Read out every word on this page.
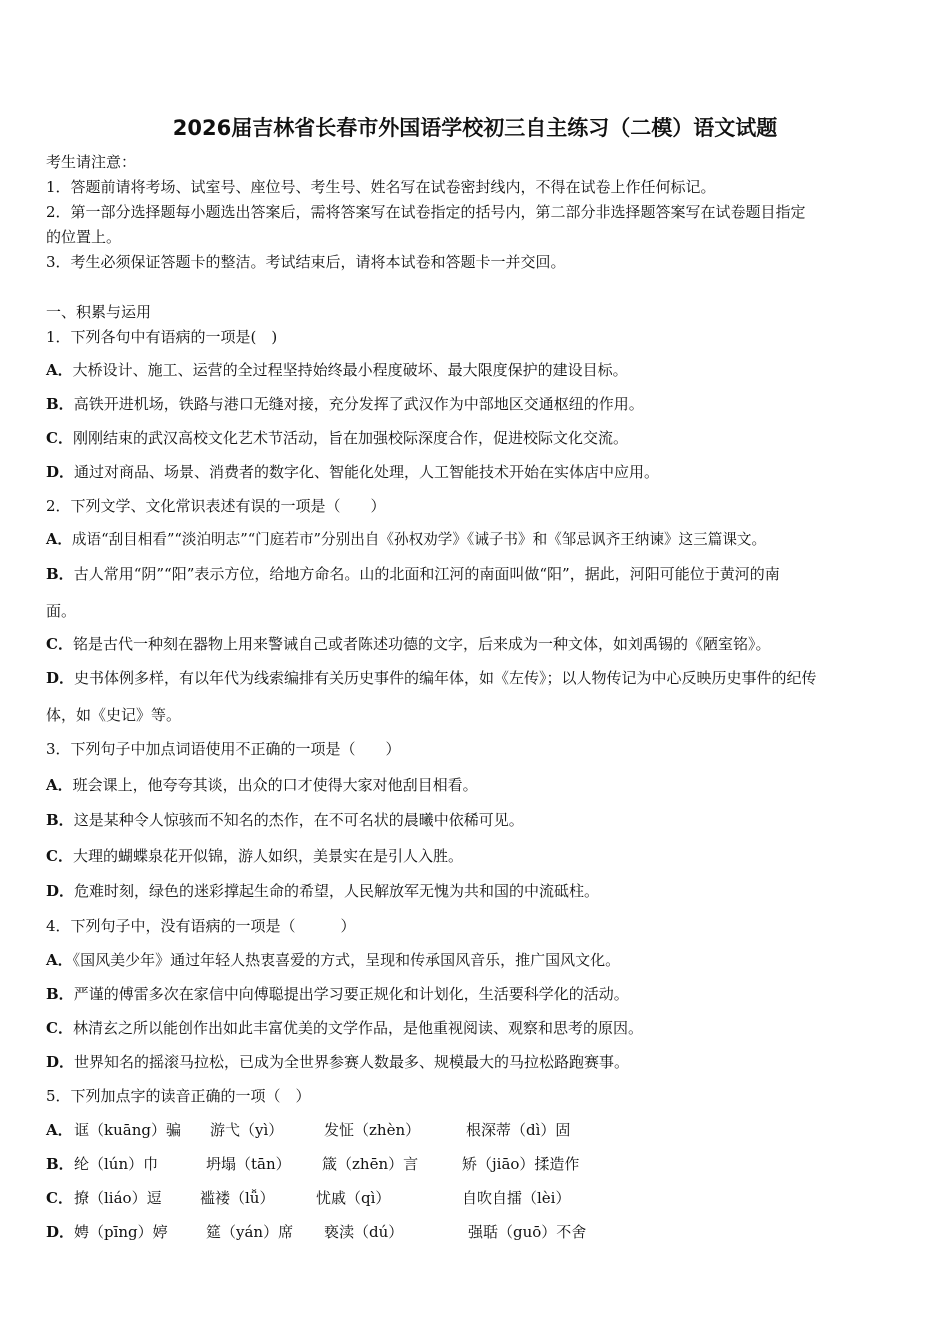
2026届吉林省长春市外国语学校初三自主练习（二模）语文试题
考生请注意：
1．答题前请将考场、试室号、座位号、考生号、姓名写在试卷密封线内，不得在试卷上作任何标记。
2．第一部分选择题每小题选出答案后，需将答案写在试卷指定的括号内，第二部分非选择题答案写在试卷题目指定
的位置上。
3．考生必须保证答题卡的整洁。考试结束后，请将本试卷和答题卡一并交回。
一、积累与运用
1．下列各句中有语病的一项是(　)
A．大桥设计、施工、运营的全过程坚持始终最小程度破坏、最大限度保护的建设目标。
B．高铁开进机场，铁路与港口无缝对接，充分发挥了武汉作为中部地区交通枢纽的作用。
C．刚刚结束的武汉高校文化艺术节活动，旨在加强校际深度合作，促进校际文化交流。
D．通过对商品、场景、消费者的数字化、智能化处理，人工智能技术开始在实体店中应用。
2．下列文学、文化常识表述有误的一项是（　　）
A．成语“刮目相看”“淡泊明志”“门庭若市”分别出自《孙权劝学》《诫子书》和《邹忌讽齐王纳谏》这三篇课文。
B．古人常用“阴”“阳”表示方位，给地方命名。山的北面和江河的南面叫做“阳”，据此，河阳可能位于黄河的南
面。
C．铭是古代一种刻在器物上用来警诫自己或者陈述功德的文字，后来成为一种文体，如刘禹锡的《陋室铭》。
D．史书体例多样，有以年代为线索编排有关历史事件的编年体，如《左传》；以人物传记为中心反映历史事件的纪传
体，如《史记》等。
3．下列句子中加点词语使用不正确的一项是（　　）
A．班会课上，他夸夸其谈，出众的口才使得大家对他刮目相看。
B．这是某种令人惊骇而不知名的杰作，在不可名状的晨曦中依稀可见。
C．大理的蝴蝶泉花开似锦，游人如织，美景实在是引人入胜。
D．危难时刻，绿色的迷彩撑起生命的希望，人民解放军无愧为共和国的中流砥柱。
4．下列句子中，没有语病的一项是（　　　）
A．《国风美少年》通过年轻人热衷喜爱的方式，呈现和传承国风音乐，推广国风文化。
B．严谨的傅雷多次在家信中向傅聪提出学习要正规化和计划化，生活要科学化的活动。
C．林清玄之所以能创作出如此丰富优美的文学作品，是他重视阅读、观察和思考的原因。
D．世界知名的摇滚马拉松，已成为全世界参赛人数最多、规模最大的马拉松路跑赛事。
5．下列加点字的读音正确的一项（　）
A． 诓（kuāng）骗 游弋（yì）	发怔（zhèn）	根深蒂（dì）固
B． 纶（lún）巾	坍塌（tān） 箴（zhēn）言	矫（jiāo）揉造作
C． 撩（liáo）逗	褴褛（lǚ）	忧戚（qì）	自吹自擂（lèi）
D． 娉（pīng）婷	筵（yán）席 亵渎（dú）	强聒（guō）不舍
